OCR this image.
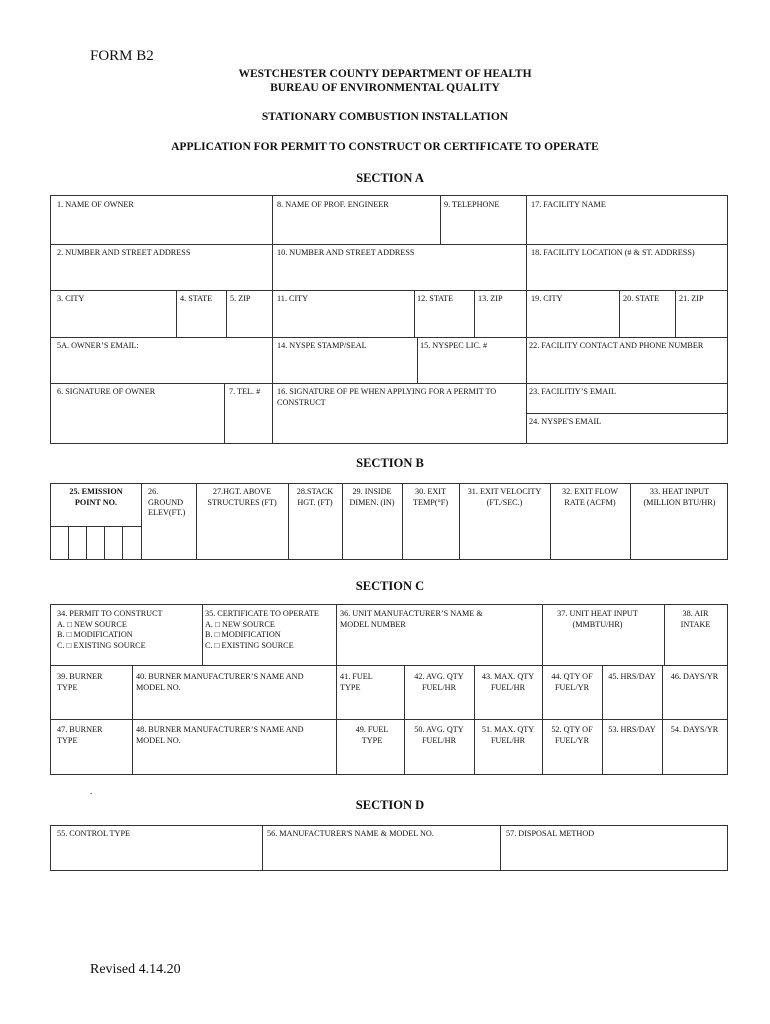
FORM B2
WESTCHESTER COUNTY DEPARTMENT OF HEALTH
BUREAU OF ENVIRONMENTAL QUALITY
STATIONARY COMBUSTION INSTALLATION
APPLICATION FOR PERMIT TO CONSTRUCT OR CERTIFICATE TO OPERATE
SECTION A
1. NAME OF OWNER	8. NAME OF PROF. ENGINEER	9. TELEPHONE	17. FACILITY NAME
2. NUMBER AND STREET ADDRESS	10. NUMBER AND STREET ADDRESS	18. FACILITY LOCATION (# & ST. ADDRESS)
3. CITY	4. STATE 5. ZIP	11. CITY	12. STATE	13. ZIP	19. CITY	20. STATE 21. ZIP
5A. OWNER’S EMAIL:	14. NYSPE STAMP/SEAL	15. NYSPEC LIC. #	22. FACILITY CONTACT AND PHONE NUMBER
6. SIGNATURE OF OWNER	7. TEL. # 16. SIGNATURE OF PE WHEN APPLYING FOR A PERMIT TO
CONSTRUCT
23. FACILITIY’S EMAIL
24. NYSPE'S EMAIL
SECTION B
25. EMISSION
POINT NO.
26.
GROUND
ELEV(FT.)
27.HGT. ABOVE
STRUCTURES (FT)
28.STACK
HGT. (FT)
29. INSIDE
DIMEN. (IN)
30. EXIT
TEMP(°F)
31. EXIT VELOCITY
(FT./SEC.)
32. EXIT FLOW
RATE (ACFM)
33. HEAT INPUT
(MILLION BTU/HR)
SECTION C
34. PERMIT TO CONSTRUCT
A. □ NEW SOURCE
B. □ MODIFICATION
C. □ EXISTING SOURCE
35. CERTIFICATE TO OPERATE
A. □ NEW SOURCE
B. □ MODIFICATION
C. □ EXISTING SOURCE
36. UNIT MANUFACTURER’S NAME &
MODEL NUMBER
37. UNIT HEAT INPUT
(MMBTU/HR)
38. AIR
INTAKE
39. BURNER
TYPE
40. BURNER MANUFACTURER’S NAME AND
MODEL NO.
41. FUEL
TYPE
42. AVG. QTY
FUEL/HR
43. MAX. QTY
FUEL/HR
44. QTY OF
FUEL/YR
45. HRS/DAY	46. DAYS/YR
47. BURNER
TYPE
48. BURNER MANUFACTURER’S NAME AND
MODEL NO.
49. FUEL
TYPE
50. AVG. QTY
FUEL/HR
51. MAX. QTY
FUEL/HR
52. QTY OF
FUEL/YR
53. HRS/DAY	54. DAYS/YR
.
SECTION D
55. CONTROL TYPE	56. MANUFACTURER'S NAME & MODEL NO.	57. DISPOSAL METHOD
Revised 4.14.20
